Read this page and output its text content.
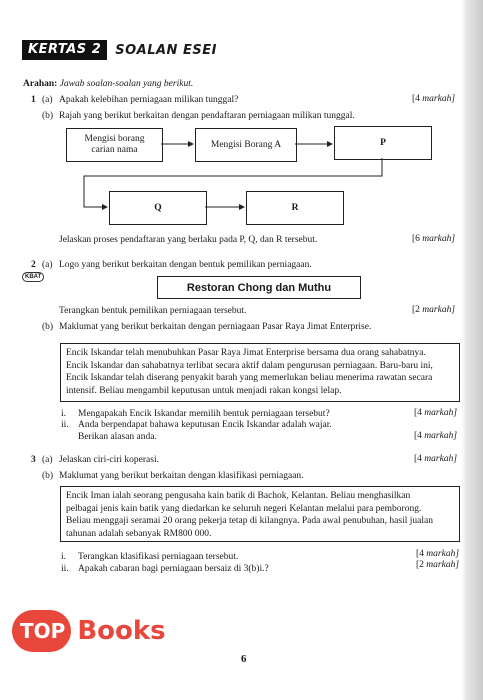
KERTAS 2	SOALAN ESEI
Arahan: Jawab soalan-soalan yang berikut.
1 (a) Apakah kelebihan perniagaan milikan tunggal?	[4 markah]
(b) Rajah yang berikut berkaitan dengan pendaftaran perniagaan milikan tunggal.
Mengisi borang
carian nama
Mengisi Borang A	P
Q	R
Jelaskan proses pendaftaran yang berlaku pada P, Q, dan R tersebut.	[6 markah]
2
KBAT
(a) Logo yang berikut berkaitan dengan bentuk pemilikan perniagaan.
Restoran Chong dan Muthu
Terangkan bentuk pemilikan perniagaan tersebut.	[2 markah]
(b) Maklumat yang berikut berkaitan dengan perniagaan Pasar Raya Jimat Enterprise.
Encik Iskandar telah menubuhkan Pasar Raya Jimat Enterprise bersama dua orang sahabatnya.
Encik Iskandar dan sahabatnya terlibat secara aktif dalam pengurusan perniagaan. Baru-baru ini,
Encik Iskandar telah diserang penyakit barah yang memerlukan beliau menerima rawatan secara
intensif. Beliau mengambil keputusan untuk menjadi rakan kongsi lelap.
i. Mengapakah Encik Iskandar memilih bentuk perniagaan tersebut?	[4 markah]
ii. Anda berpendapat bahawa keputusan Encik Iskandar adalah wajar.
Berikan alasan anda.	[4 markah]
3 (a) Jelaskan ciri-ciri koperasi.	[4 markah]
(b) Maklumat yang berikut berkaitan dengan klasifikasi perniagaan.
Encik Iman ialah seorang pengusaha kain batik di Bachok, Kelantan. Beliau menghasilkan
pelbagai jenis kain batik yang diedarkan ke seluruh negeri Kelantan melalui para pemborong.
Beliau menggaji seramai 20 orang pekerja tetap di kilangnya. Pada awal penubuhan, hasil jualan
tahunan adalah sebanyak RM800 000.
i. Terangkan klasifikasi perniagaan tersebut.	[4 markah]
ii. Apakah cabaran bagi perniagaan bersaiz di 3(b)i.?	[2 markah]
TOP Books
6
